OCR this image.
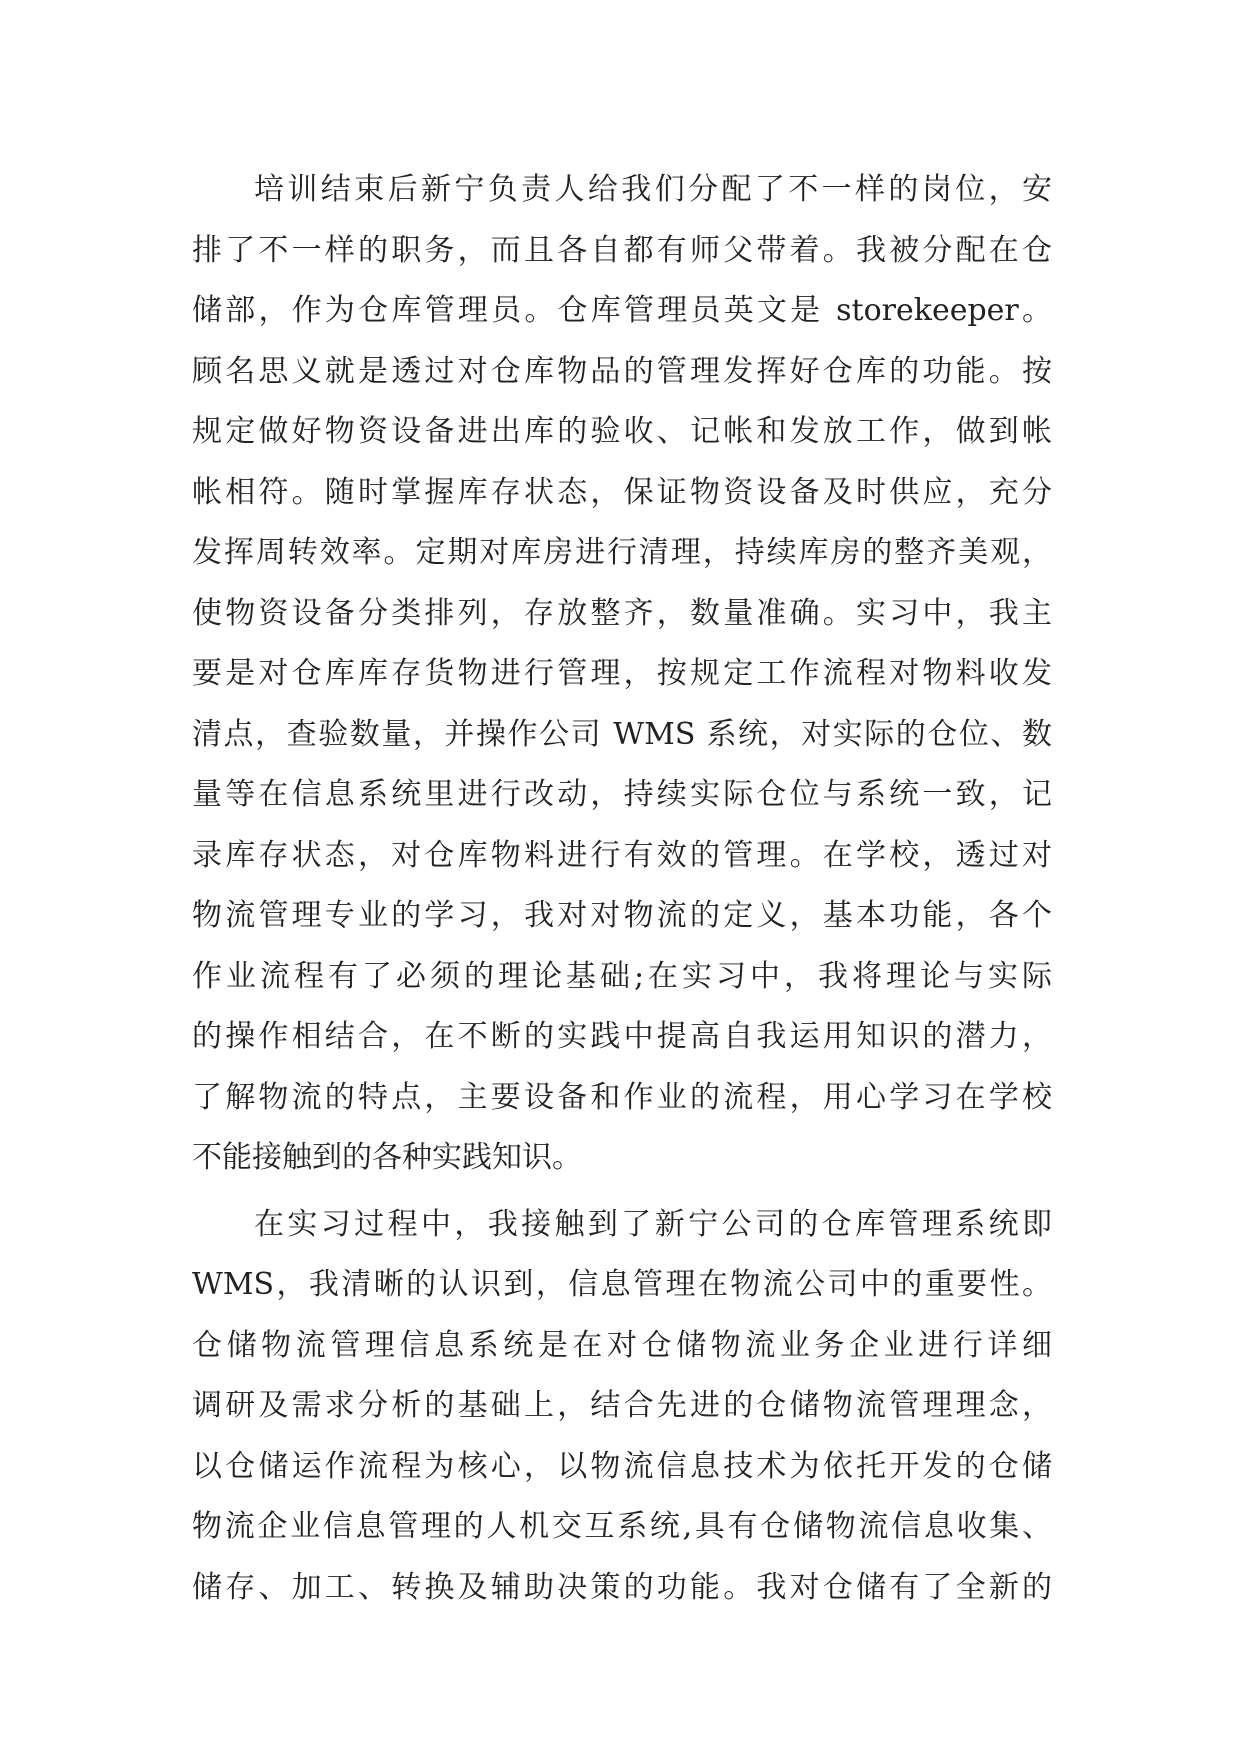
培训结束后新宁负责人给我们分配了不一样的岗位，安
排了不一样的职务，而且各自都有师父带着。我被分配在仓
储部，作为仓库管理员。仓库管理员英文是 storekeeper。
顾名思义就是透过对仓库物品的管理发挥好仓库的功能。按
规定做好物资设备进出库的验收、记帐和发放工作，做到帐
帐相符。随时掌握库存状态，保证物资设备及时供应，充分
发挥周转效率。定期对库房进行清理，持续库房的整齐美观，
使物资设备分类排列，存放整齐，数量准确。实习中，我主
要是对仓库库存货物进行管理，按规定工作流程对物料收发
清点，查验数量，并操作公司 WMS 系统，对实际的仓位、数
量等在信息系统里进行改动，持续实际仓位与系统一致，记
录库存状态，对仓库物料进行有效的管理。在学校，透过对
物流管理专业的学习，我对对物流的定义，基本功能，各个
作业流程有了必须的理论基础;在实习中，我将理论与实际
的操作相结合，在不断的实践中提高自我运用知识的潜力，
了解物流的特点，主要设备和作业的流程，用心学习在学校
不能接触到的各种实践知识。
在实习过程中，我接触到了新宁公司的仓库管理系统即
WMS，我清晰的认识到，信息管理在物流公司中的重要性。
仓储物流管理信息系统是在对仓储物流业务企业进行详细
调研及需求分析的基础上，结合先进的仓储物流管理理念，
以仓储运作流程为核心，以物流信息技术为依托开发的仓储
物流企业信息管理的人机交互系统,具有仓储物流信息收集、
储存、加工、转换及辅助决策的功能。我对仓储有了全新的
